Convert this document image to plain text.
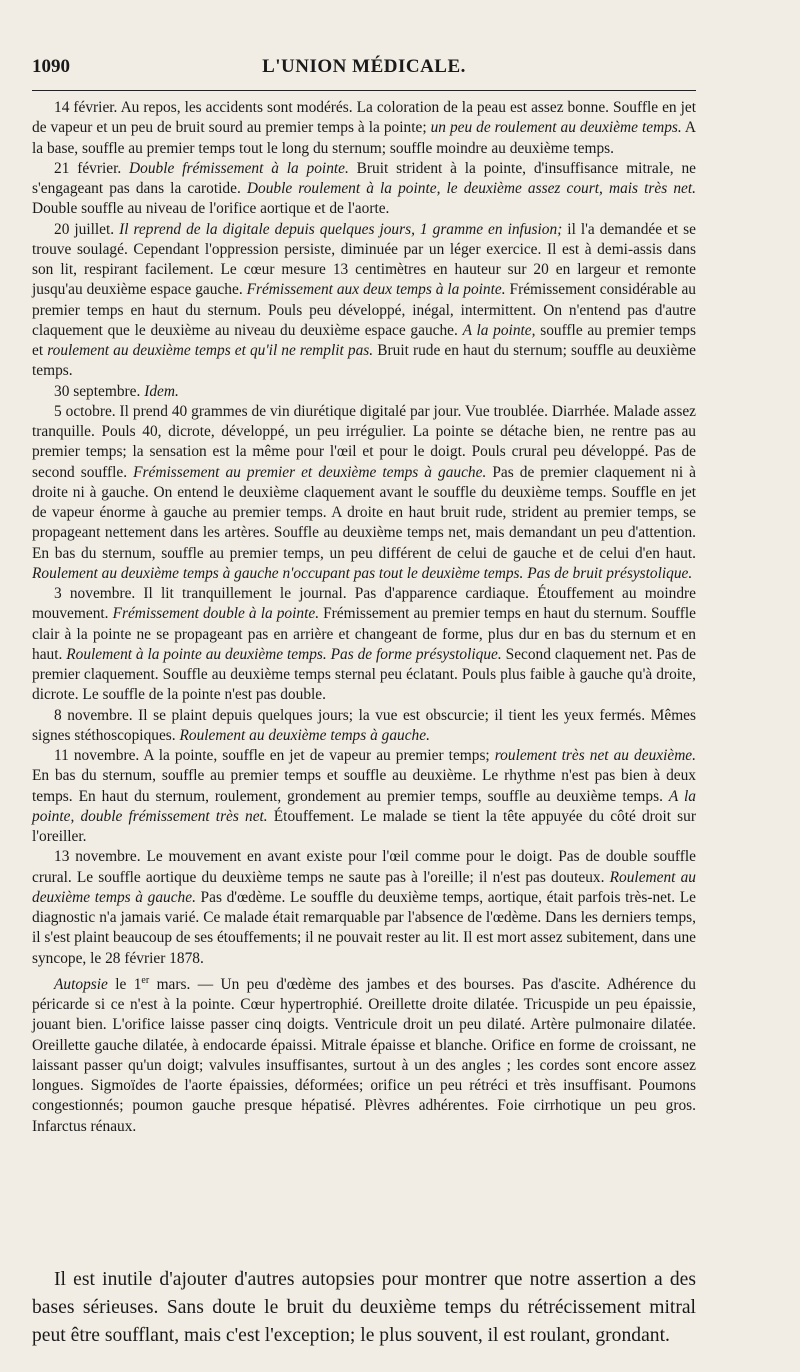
1090	L'UNION MÉDICALE.

14 février. Au repos, les accidents sont modérés. La coloration de la peau est assez bonne. Souffle en jet de vapeur et un peu de bruit sourd au premier temps à la pointe; un peu de roulement au deuxième temps. A la base, souffle au premier temps tout le long du sternum; souffle moindre au deuxième temps.

21 février. Double frémissement à la pointe. Bruit strident à la pointe, d'insuffisance mitrale, ne s'engageant pas dans la carotide. Double roulement à la pointe, le deuxième assez court, mais très net. Double souffle au niveau de l'orifice aortique et de l'aorte.

20 juillet. Il reprend de la digitale depuis quelques jours, 1 gramme en infusion; il l'a demandée et se trouve soulagé. Cependant l'oppression persiste, diminuée par un léger exercice. Il est à demi-assis dans son lit, respirant facilement. Le cœur mesure 13 centimètres en hauteur sur 20 en largeur et remonte jusqu'au deuxième espace gauche. Frémissement aux deux temps à la pointe. Frémissement considérable au premier temps en haut du sternum. Pouls peu développé, inégal, intermittent. On n'entend pas d'autre claquement que le deuxième au niveau du deuxième espace gauche. A la pointe, souffle au premier temps et roulement au deuxième temps et qu'il ne remplit pas. Bruit rude en haut du sternum; souffle au deuxième temps.

30 septembre. Idem.

5 octobre. Il prend 40 grammes de vin diurétique digitalé par jour. Vue troublée. Diarrhée. Malade assez tranquille. Pouls 40, dicrote, développé, un peu irrégulier. La pointe se détache bien, ne rentre pas au premier temps; la sensation est la même pour l'œil et pour le doigt. Pouls crural peu développé. Pas de second souffle. Frémissement au premier et deuxième temps à gauche. Pas de premier claquement ni à droite ni à gauche. On entend le deuxième claquement avant le souffle du deuxième temps. Souffle en jet de vapeur énorme à gauche au premier temps. A droite en haut bruit rude, strident au premier temps, se propageant nettement dans les artères. Souffle au deuxième temps net, mais demandant un peu d'attention. En bas du sternum, souffle au premier temps, un peu différent de celui de gauche et de celui d'en haut. Roulement au deuxième temps à gauche n'occupant pas tout le deuxième temps. Pas de bruit présystolique.

3 novembre. Il lit tranquillement le journal. Pas d'apparence cardiaque. Étouffement au moindre mouvement. Frémissement double à la pointe. Frémissement au premier temps en haut du sternum. Souffle clair à la pointe ne se propageant pas en arrière et changeant de forme, plus dur en bas du sternum et en haut. Roulement à la pointe au deuxième temps. Pas de forme présystolique. Second claquement net. Pas de premier claquement. Souffle au deuxième temps sternal peu éclatant. Pouls plus faible à gauche qu'à droite, dicrote. Le souffle de la pointe n'est pas double.

8 novembre. Il se plaint depuis quelques jours; la vue est obscurcie; il tient les yeux fermés. Mêmes signes stéthoscopiques. Roulement au deuxième temps à gauche.

11 novembre. A la pointe, souffle en jet de vapeur au premier temps; roulement très net au deuxième. En bas du sternum, souffle au premier temps et souffle au deuxième. Le rhythme n'est pas bien à deux temps. En haut du sternum, roulement, grondement au premier temps, souffle au deuxième temps. A la pointe, double frémissement très net. Étouffement. Le malade se tient la tête appuyée du côté droit sur l'oreiller.

13 novembre. Le mouvement en avant existe pour l'œil comme pour le doigt. Pas de double souffle crural. Le souffle aortique du deuxième temps ne saute pas à l'oreille; il n'est pas douteux. Roulement au deuxième temps à gauche. Pas d'œdème. Le souffle du deuxième temps, aortique, était parfois très-net. Le diagnostic n'a jamais varié. Ce malade était remarquable par l'absence de l'œdème. Dans les derniers temps, il s'est plaint beaucoup de ses étouffements; il ne pouvait rester au lit. Il est mort assez subitement, dans une syncope, le 28 février 1878.

Autopsie le 1er mars. — Un peu d'œdème des jambes et des bourses. Pas d'ascite. Adhérence du péricarde si ce n'est à la pointe. Cœur hypertrophié. Oreillette droite dilatée. Tricuspide un peu épaissie, jouant bien. L'orifice laisse passer cinq doigts. Ventricule droit un peu dilaté. Artère pulmonaire dilatée. Oreillette gauche dilatée, à endocarde épaissi. Mitrale épaisse et blanche. Orifice en forme de croissant, ne laissant passer qu'un doigt; valvules insuffisantes, surtout à un des angles ; les cordes sont encore assez longues. Sigmoïdes de l'aorte épaissies, déformées; orifice un peu rétréci et très insuffisant. Poumons congestionnés; poumon gauche presque hépatisé. Plèvres adhérentes. Foie cirrhotique un peu gros. Infarctus rénaux.

Il est inutile d'ajouter d'autres autopsies pour montrer que notre assertion a des bases sérieuses. Sans doute le bruit du deuxième temps du rétrécissement mitral peut être soufflant, mais c'est l'exception; le plus souvent, il est roulant, grondant.
